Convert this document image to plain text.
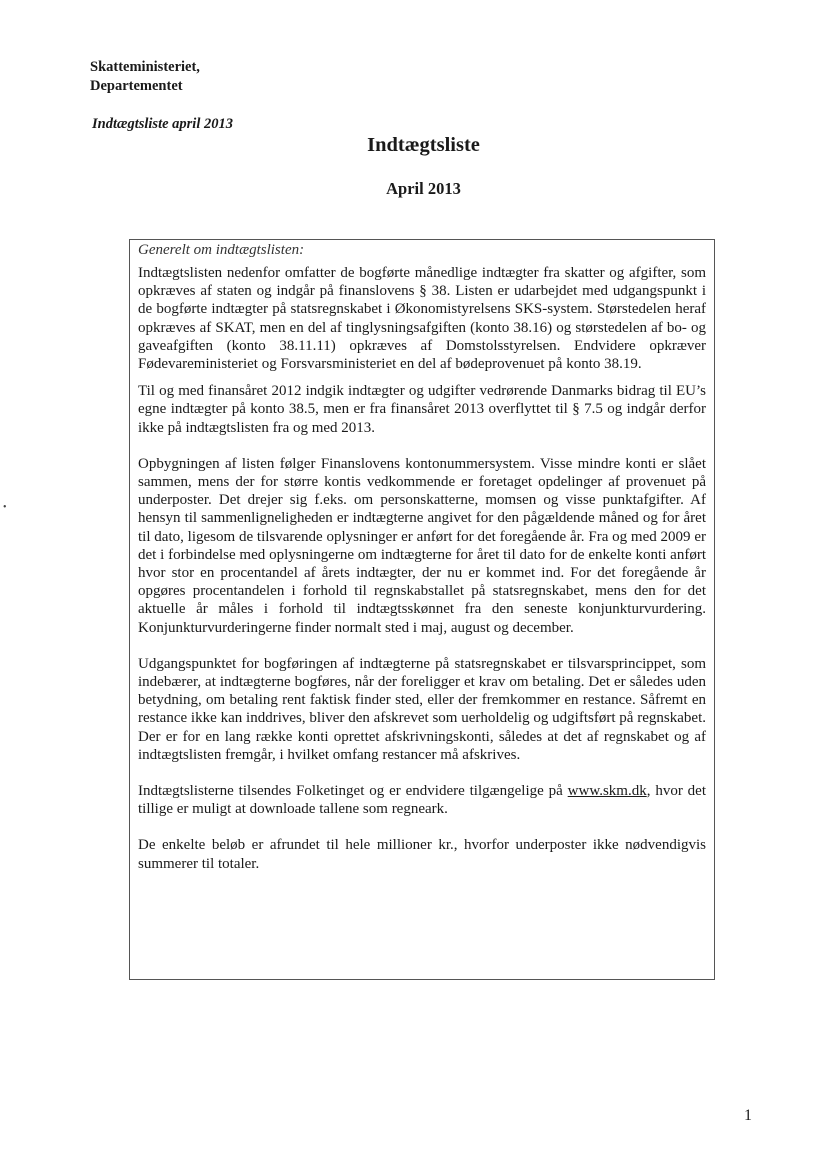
Skatteministeriet,
Departementet
Indtægtsliste april 2013
Indtægtsliste
April 2013
•

Generelt om indtægtslisten:

Indtægtslisten nedenfor omfatter de bogførte månedlige indtægter fra skatter og afgifter, som opkræves af staten og indgår på finanslovens § 38. Listen er udarbejdet med udgangspunkt i de bogførte indtægter på statsregnskabet i Økonomistyrelsens SKS-system. Størstedelen heraf opkræves af SKAT, men en del af tinglysningsafgiften (konto 38.16) og størstedelen af bo- og gaveafgiften (konto 38.11.11) opkræves af Domstolsstyrelsen. Endvidere opkræver Fødevareministeriet og Forsvarsministeriet en del af bødeprovenuet på konto 38.19.

Til og med finansåret 2012 indgik indtægter og udgifter vedrørende Danmarks bidrag til EU’s egne indtægter på konto 38.5, men er fra finansåret 2013 overflyttet til § 7.5 og indgår derfor ikke på indtægtslisten fra og med 2013.

Opbygningen af listen følger Finanslovens kontonummersystem. Visse mindre konti er slået sammen, mens der for større kontis vedkommende er foretaget opdelinger af provenuet på underposter. Det drejer sig f.eks. om personskatterne, momsen og visse punktafgifter. Af hensyn til sammenligneligheden er indtægterne angivet for den pågældende måned og for året til dato, ligesom de tilsvarende oplysninger er anført for det foregående år. Fra og med 2009 er det i forbindelse med oplysningerne om indtægterne for året til dato for de enkelte konti anført hvor stor en procentandel af årets indtægter, der nu er kommet ind. For det foregående år opgøres procentandelen i forhold til regnskabstallet på statsregnskabet, mens den for det aktuelle år måles i forhold til indtægtsskønnet fra den seneste konjunkturvurdering. Konjunkturvurderingerne finder normalt sted i maj, august og december.

Udgangspunktet for bogføringen af indtægterne på statsregnskabet er tilsvarsprincippet, som indebærer, at indtægterne bogføres, når der foreligger et krav om betaling. Det er således uden betydning, om betaling rent faktisk finder sted, eller der fremkommer en restance. Såfremt en restance ikke kan inddrives, bliver den afskrevet som uerholdelig og udgiftsført på regnskabet. Der er for en lang række konti oprettet afskrivningskonti, således at det af regnskabet og af indtægtslisten fremgår, i hvilket omfang restancer må afskrives.

Indtægtslisterne tilsendes Folketinget og er endvidere tilgængelige på www.skm.dk, hvor det tillige er muligt at downloade tallene som regneark.

De enkelte beløb er afrundet til hele millioner kr., hvorfor underposter ikke nødvendigvis summerer til totaler.

1
